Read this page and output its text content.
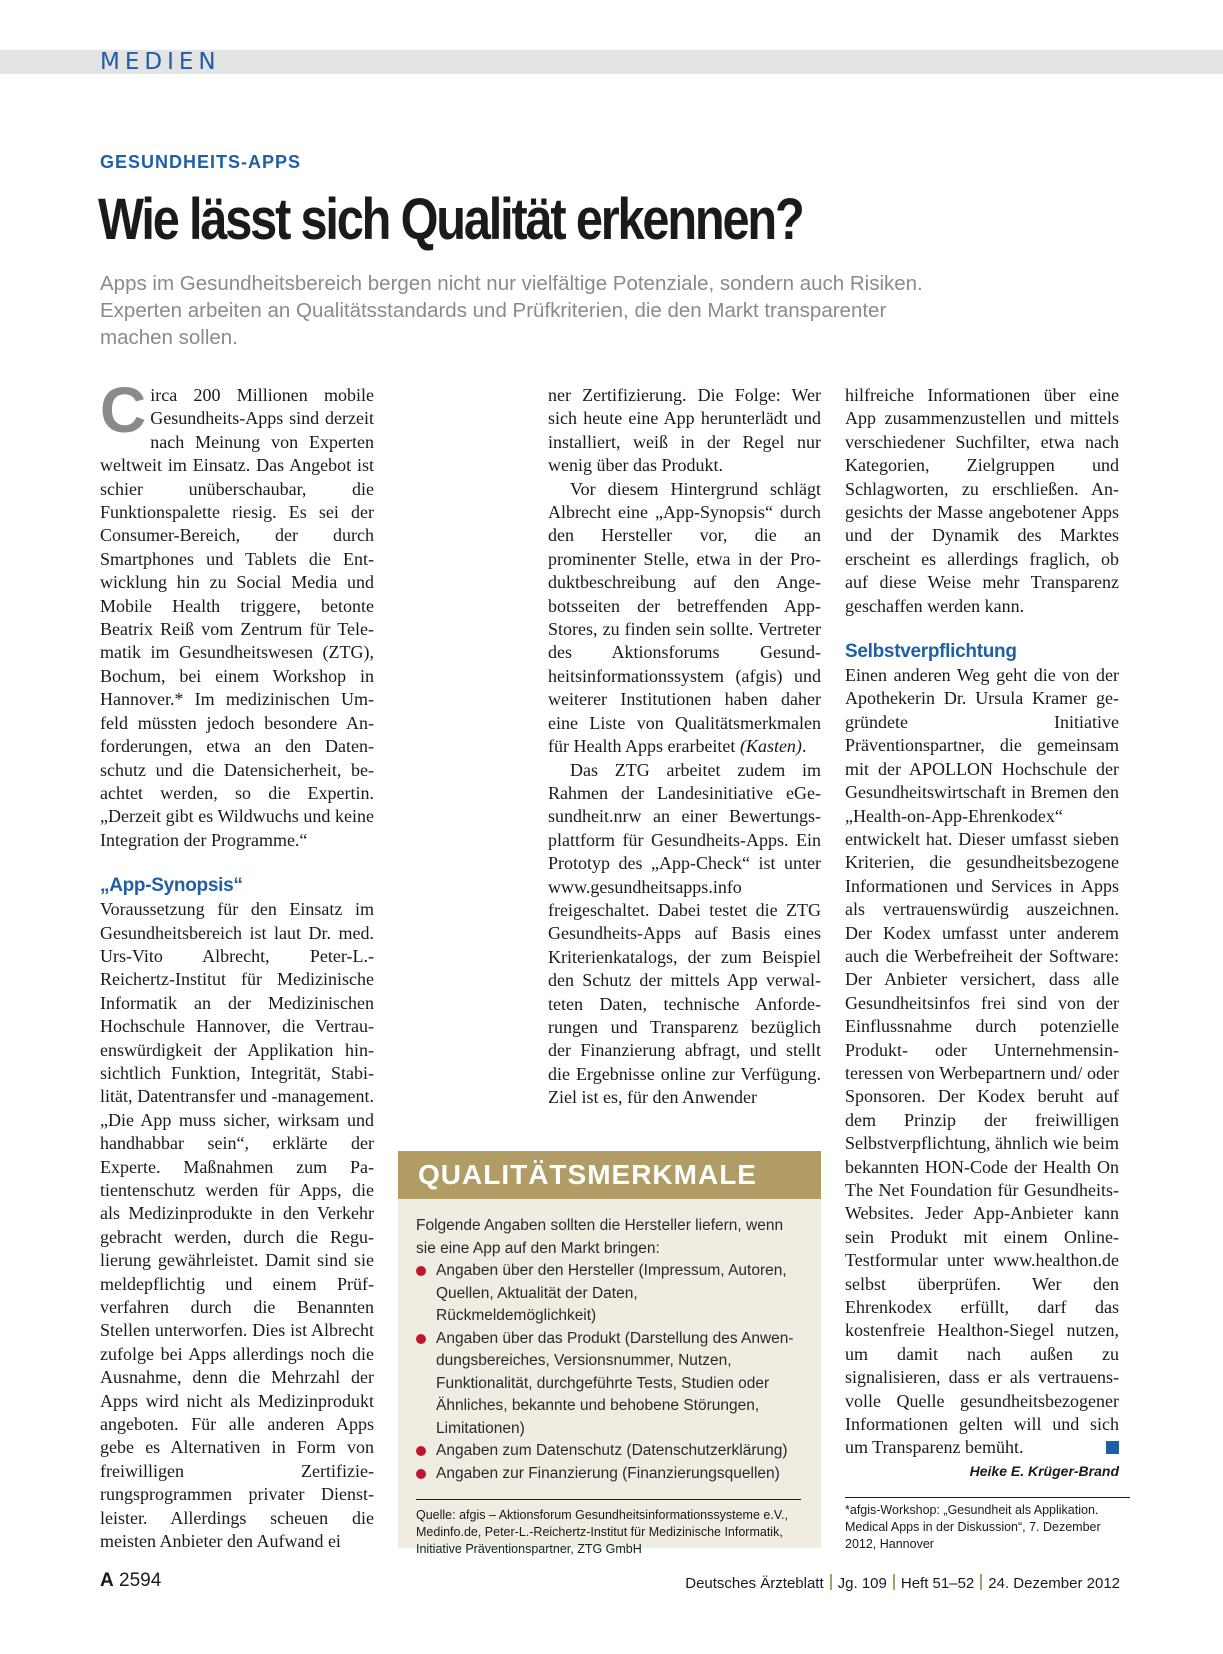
MEDIEN
GESUNDHEITS-APPS
Wie lässt sich Qualität erkennen?

Apps im Gesundheitsbereich bergen nicht nur vielfältige Potenziale, sondern auch Risiken. Experten arbeiten an Qualitätsstandards und Prüfkriterien, die den Markt transparenter machen sollen.

Circa 200 Millionen mobile Gesundheits-Apps sind derzeit nach Meinung von Experten weltweit im Einsatz. Das Angebot ist schier unüberschaubar, die Funktionspalette riesig. Es sei der Consumer-Bereich, der durch Smartphones und Tablets die Entwicklung hin zu Social Media und Mobile Health triggere, betonte Beatrix Reiß vom Zentrum für Telematik im Gesundheitswesen (ZTG), Bochum, bei einem Workshop in Hannover.* Im medizinischen Umfeld müssten jedoch besondere Anforderungen, etwa an den Datenschutz und die Datensicherheit, beachtet werden, so die Expertin. „Derzeit gibt es Wildwuchs und keine Integration der Programme.“

„App-Synopsis“

Voraussetzung für den Einsatz im Gesundheitsbereich ist laut Dr. med. Urs-Vito Albrecht, Peter-L.-Reichertz-Institut für Medizinische Informatik an der Medizinischen Hochschule Hannover, die Vertrauenswürdigkeit der Applikation hinsichtlich Funktion, Integrität, Stabilität, Datentransfer und -management. „Die App muss sicher, wirksam und handhabbar sein“, erklärte der Experte. Maßnahmen zum Patientenschutz werden für Apps, die als Medizinprodukte in den Verkehr gebracht werden, durch die Regulierung gewährleistet. Damit sind sie meldepflichtig und einem Prüfverfahren durch die Benannten Stellen unterworfen. Dies ist Albrecht zufolge bei Apps allerdings noch die Ausnahme, denn die Mehrzahl der Apps wird nicht als Medizinprodukt angeboten. Für alle anderen Apps gebe es Alternativen in Form von freiwilligen Zertifizierungsprogrammen privater Dienstleister. Allerdings scheuen die meisten Anbieter den Aufwand ei

ner Zertifizierung. Die Folge: Wer sich heute eine App herunterlädt und installiert, weiß in der Regel nur wenig über das Produkt.

Vor diesem Hintergrund schlägt Albrecht eine „App-Synopsis“ durch den Hersteller vor, die an prominenter Stelle, etwa in der Produktbeschreibung auf den Angebotsseiten der betreffenden App-Stores, zu finden sein sollte. Vertreter des Aktionsforums Gesundheitsinformationssystem (afgis) und weiterer Institutionen haben daher eine Liste von Qualitätsmerkmalen für Health Apps erarbeitet (Kasten).

Das ZTG arbeitet zudem im Rahmen der Landesinitiative eGesundheit.nrw an einer Bewertungsplattform für Gesundheits-Apps. Ein Prototyp des „App-Check“ ist unter www.gesundheitsapps.info freigeschaltet. Dabei testet die ZTG Gesundheits-Apps auf Basis eines Kriterienkatalogs, der zum Beispiel den Schutz der mittels App verwalteten Daten, technische Anforderungen und Transparenz bezüglich der Finanzierung abfragt, und stellt die Ergebnisse online zur Verfügung. Ziel ist es, für den Anwender

hilfreiche Informationen über eine App zusammenzustellen und mittels verschiedener Suchfilter, etwa nach Kategorien, Zielgruppen und Schlagworten, zu erschließen. Angesichts der Masse angebotener Apps und der Dynamik des Marktes erscheint es allerdings fraglich, ob auf diese Weise mehr Transparenz geschaffen werden kann.

Selbstverpflichtung

Einen anderen Weg geht die von der Apothekerin Dr. Ursula Kramer gegründete Initiative Präventionspartner, die gemeinsam mit der APOLLON Hochschule der Gesundheitswirtschaft in Bremen den „Health-on-App-Ehrenkodex“ entwickelt hat. Dieser umfasst sieben Kriterien, die gesundheitsbezogene Informationen und Services in Apps als vertrauenswürdig auszeichnen. Der Kodex umfasst unter anderem auch die Werbefreiheit der Software: Der Anbieter versichert, dass alle Gesundheitsinfos frei sind von der Einflussnahme durch potenzielle Produkt- oder Unternehmensinteressen von Werbepartnern und/ oder Sponsoren. Der Kodex beruht auf dem Prinzip der freiwilligen Selbstverpflichtung, ähnlich wie beim bekannten HON-Code der Health On The Net Foundation für Gesundheits-Websites. Jeder App-Anbieter kann sein Produkt mit einem Online-Testformular unter www.healthon.de selbst überprüfen. Wer den Ehrenkodex erfüllt, darf das kostenfreie Healthon-Siegel nutzen, um damit nach außen zu signalisieren, dass er als vertrauensvolle Quelle gesundheitsbezogener Informationen gelten will und sich um Transparenz bemüht.

Heike E. Krüger-Brand

*afgis-Workshop: „Gesundheit als Applikation. Medical Apps in der Diskussion“, 7. Dezember 2012, Hannover

QUALITÄTSMERKMALE

Folgende Angaben sollten die Hersteller liefern, wenn sie eine App auf den Markt bringen:

Angaben über den Hersteller (Impressum, Autoren, Quellen, Aktualität der Daten, Rückmeldemöglichkeit)
Angaben über das Produkt (Darstellung des Anwendungsbereiches, Versionsnummer, Nutzen, Funktionalität, durchgeführte Tests, Studien oder Ähnliches, bekannte und behobene Störungen, Limitationen)
Angaben zum Datenschutz (Datenschutzerklärung)
Angaben zur Finanzierung (Finanzierungsquellen)

Quelle: afgis – Aktionsforum Gesundheitsinformationssysteme e.V., Medinfo.de, Peter-L.-Reichertz-Institut für Medizinische Informatik, Initiative Präventionspartner, ZTG GmbH

A 2594	Deutsches Ärzteblatt Jg. 109 Heft 51–52 24. Dezember 2012
